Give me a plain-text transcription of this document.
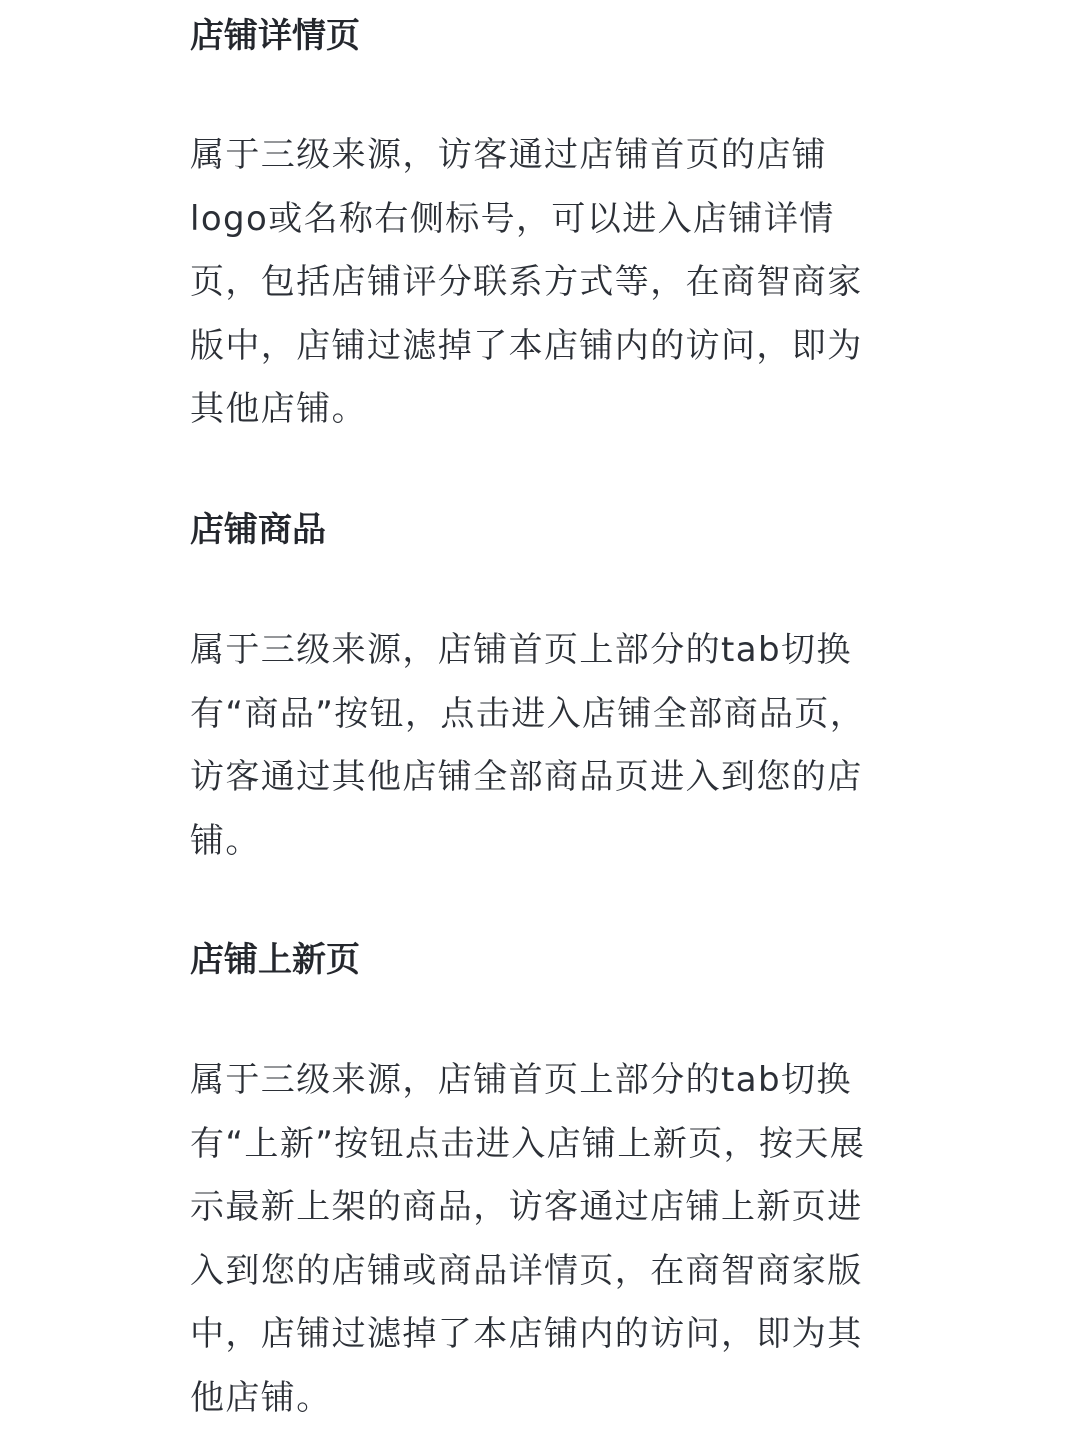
店铺详情页
属于三级来源，访客通过店铺首页的店铺
logo或名称右侧标号，可以进入店铺详情
页，包括店铺评分联系方式等，在商智商家
版中，店铺过滤掉了本店铺内的访问，即为
其他店铺。
店铺商品
属于三级来源，店铺首页上部分的tab切换
有“商品”按钮，点击进入店铺全部商品页，
访客通过其他店铺全部商品页进入到您的店
铺。
店铺上新页
属于三级来源，店铺首页上部分的tab切换
有“上新”按钮点击进入店铺上新页，按天展
示最新上架的商品，访客通过店铺上新页进
入到您的店铺或商品详情页，在商智商家版
中，店铺过滤掉了本店铺内的访问，即为其
他店铺。
